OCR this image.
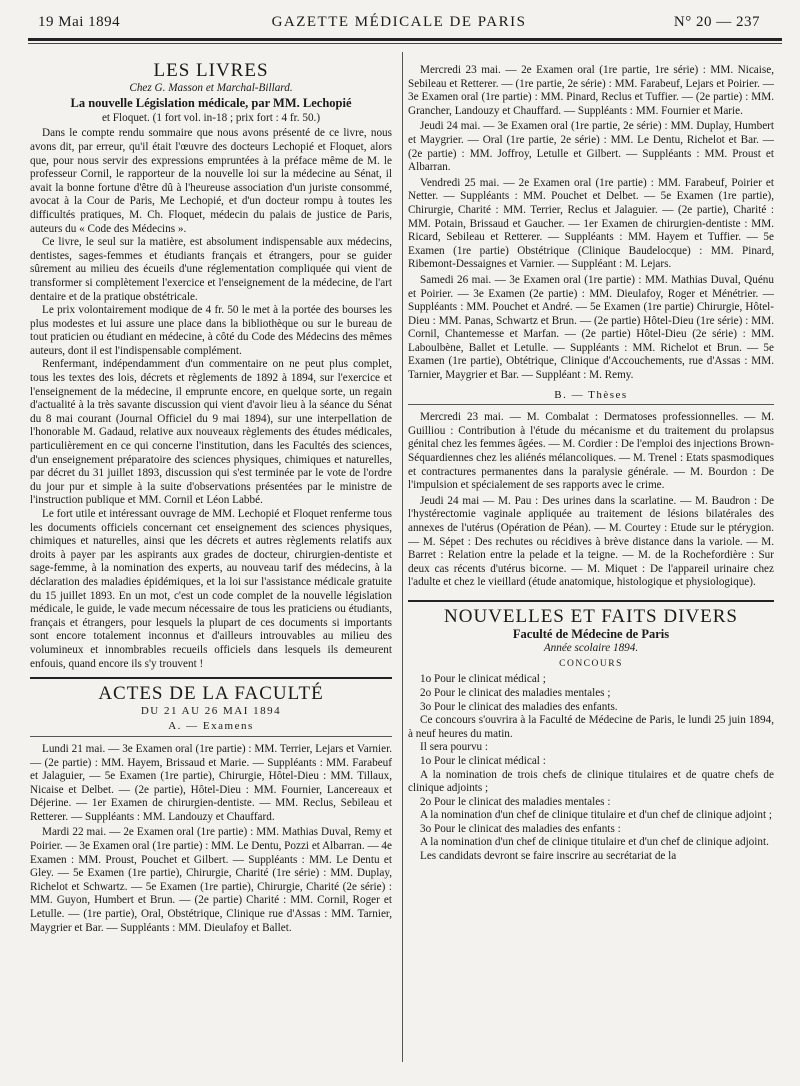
19 Mai 1894	GAZETTE MÉDICALE DE PARIS	N° 20 — 237
LES LIVRES

Chez G. Masson et Marchal-Billard.

La nouvelle Législation médicale, par MM. Lechopié

et Floquet. (1 fort vol. in-18 ; prix fort : 4 fr. 50.)

Dans le compte rendu sommaire que nous avons présenté de ce livre, nous avons dit, par erreur, qu'il était l'œuvre des docteurs Lechopié et Floquet, alors que, pour nous servir des expressions empruntées à la préface même de M. le professeur Cornil, le rapporteur de la nouvelle loi sur la médecine au Sénat, il avait la bonne fortune d'être dû à l'heureuse association d'un juriste consommé, avocat à la Cour de Paris, Me Lechopié, et d'un docteur rompu à toutes les difficultés pratiques, M. Ch. Floquet, médecin du palais de justice de Paris, auteurs du « Code des Médecins ».

Ce livre, le seul sur la matière, est absolument indispensable aux médecins, dentistes, sages-femmes et étudiants français et étrangers, pour se guider sûrement au milieu des écueils d'une réglementation compliquée qui vient de transformer si complètement l'exercice et l'enseignement de la médecine, de l'art dentaire et de la pratique obstétricale.

Le prix volontairement modique de 4 fr. 50 le met à la portée des bourses les plus modestes et lui assure une place dans la bibliothèque ou sur le bureau de tout praticien ou étudiant en médecine, à côté du Code des Médecins des mêmes auteurs, dont il est l'indispensable complément.

Renfermant, indépendamment d'un commentaire on ne peut plus complet, tous les textes des lois, décrets et règlements de 1892 à 1894, sur l'exercice et l'enseignement de la médecine, il emprunte encore, en quelque sorte, un regain d'actualité à la très savante discussion qui vient d'avoir lieu à la séance du Sénat du 8 mai courant (Journal Officiel du 9 mai 1894), sur une interpellation de l'honorable M. Gadaud, relative aux nouveaux règlements des études médicales, particulièrement en ce qui concerne l'institution, dans les Facultés des sciences, d'un enseignement préparatoire des sciences physiques, chimiques et naturelles, par décret du 31 juillet 1893, discussion qui s'est terminée par le vote de l'ordre du jour pur et simple à la suite d'observations présentées par le ministre de l'instruction publique et MM. Cornil et Léon Labbé.

Le fort utile et intéressant ouvrage de MM. Lechopié et Floquet renferme tous les documents officiels concernant cet enseignement des sciences physiques, chimiques et naturelles, ainsi que les décrets et autres règlements relatifs aux droits à payer par les aspirants aux grades de docteur, chirurgien-dentiste et sage-femme, à la nomination des experts, au nouveau tarif des médecins, à la déclaration des maladies épidémiques, et la loi sur l'assistance médicale gratuite du 15 juillet 1893. En un mot, c'est un code complet de la nouvelle législation médicale, le guide, le vade mecum nécessaire de tous les praticiens ou étudiants, français et étrangers, pour lesquels la plupart de ces documents si importants sont encore totalement inconnus et d'ailleurs introuvables au milieu des volumineux et innombrables recueils officiels dans lesquels ils demeurent enfouis, quand encore ils s'y trouvent !

ACTES DE LA FACULTÉ

DU 21 AU 26 MAI 1894

A. — Examens

Lundi 21 mai. — 3e Examen oral (1re partie) : MM. Terrier, Lejars et Varnier. — (2e partie) : MM. Hayem, Brissaud et Marie. — Suppléants : MM. Farabeuf et Jalaguier, — 5e Examen (1re partie), Chirurgie, Hôtel-Dieu : MM. Tillaux, Nicaise et Delbet. — (2e partie), Hôtel-Dieu : MM. Fournier, Lancereaux et Déjerine. — 1er Examen de chirurgien-dentiste. — MM. Reclus, Sebileau et Retterer. — Suppléants : MM. Landouzy et Chauffard.

Mardi 22 mai. — 2e Examen oral (1re partie) : MM. Mathias Duval, Remy et Poirier. — 3e Examen oral (1re partie) : MM. Le Dentu, Pozzi et Albarran. — 4e Examen : MM. Proust, Pouchet et Gilbert. — Suppléants : MM. Le Dentu et Gley. — 5e Examen (1re partie), Chirurgie, Charité (1re série) : MM. Duplay, Richelot et Schwartz. — 5e Examen (1re partie), Chirurgie, Charité (2e série) : MM. Guyon, Humbert et Brun. — (2e partie) Charité : MM. Cornil, Roger et Letulle. — (1re partie), Oral, Obstétrique, Clinique rue d'Assas : MM. Tarnier, Maygrier et Bar. — Suppléants : MM. Dieulafoy et Ballet.

Mercredi 23 mai. — 2e Examen oral (1re partie, 1re série) : MM. Nicaise, Sebileau et Retterer. — (1re partie, 2e série) : MM. Farabeuf, Lejars et Poirier. — 3e Examen oral (1re partie) : MM. Pinard, Reclus et Tuffier. — (2e partie) : MM. Grancher, Landouzy et Chauffard. — Suppléants : MM. Fournier et Marie.

Jeudi 24 mai. — 3e Examen oral (1re partie, 2e série) : MM. Duplay, Humbert et Maygrier. — Oral (1re partie, 2e série) : MM. Le Dentu, Richelot et Bar. — (2e partie) : MM. Joffroy, Letulle et Gilbert. — Suppléants : MM. Proust et Albarran.

Vendredi 25 mai. — 2e Examen oral (1re partie) : MM. Farabeuf, Poirier et Netter. — Suppléants : MM. Pouchet et Delbet. — 5e Examen (1re partie), Chirurgie, Charité : MM. Terrier, Reclus et Jalaguier. — (2e partie), Charité : MM. Potain, Brissaud et Gaucher. — 1er Examen de chirurgien-dentiste : MM. Ricard, Sebileau et Retterer. — Suppléants : MM. Hayem et Tuffier. — 5e Examen (1re partie) Obstétrique (Clinique Baudelocque) : MM. Pinard, Ribemont-Dessaignes et Varnier. — Suppléant : M. Lejars.

Samedi 26 mai. — 3e Examen oral (1re partie) : MM. Mathias Duval, Quénu et Poirier. — 3e Examen (2e partie) : MM. Dieulafoy, Roger et Ménétrier. — Suppléants : MM. Pouchet et André. — 5e Examen (1re partie) Chirurgie, Hôtel-Dieu : MM. Panas, Schwartz et Brun. — (2e partie) Hôtel-Dieu (1re série) : MM. Cornil, Chantemesse et Marfan. — (2e partie) Hôtel-Dieu (2e série) : MM. Laboulbène, Ballet et Letulle. — Suppléants : MM. Richelot et Brun. — 5e Examen (1re partie), Obtétrique, Clinique d'Accouchements, rue d'Assas : MM. Tarnier, Maygrier et Bar. — Suppléant : M. Remy.

B. — Thèses

Mercredi 23 mai. — M. Combalat : Dermatoses professionnelles. — M. Guilliou : Contribution à l'étude du mécanisme et du traitement du prolapsus génital chez les femmes âgées. — M. Cordier : De l'emploi des injections Brown-Séquardiennes chez les aliénés mélancoliques. — M. Trenel : Etats spasmodiques et contractures permanentes dans la paralysie générale. — M. Bourdon : De l'impulsion et spécialement de ses rapports avec le crime.

Jeudi 24 mai — M. Pau : Des urines dans la scarlatine. — M. Baudron : De l'hystérectomie vaginale appliquée au traitement de lésions bilatérales des annexes de l'utérus (Opération de Péan). — M. Courtey : Etude sur le ptérygion. — M. Sépet : Des rechutes ou récidives à brève distance dans la variole. — M. Barret : Relation entre la pelade et la teigne. — M. de la Rochefordière : Sur deux cas récents d'utérus bicorne. — M. Miquet : De l'appareil urinaire chez l'adulte et chez le vieillard (étude anatomique, histologique et physiologique).

NOUVELLES ET FAITS DIVERS

Faculté de Médecine de Paris

Année scolaire 1894.

CONCOURS

1o Pour le clinicat médical ;

2o Pour le clinicat des maladies mentales ;

3o Pour le clinicat des maladies des enfants.

Ce concours s'ouvrira à la Faculté de Médecine de Paris, le lundi 25 juin 1894, à neuf heures du matin.

Il sera pourvu :

1o Pour le clinicat médical :

A la nomination de trois chefs de clinique titulaires et de quatre chefs de clinique adjoints ;

2o Pour le clinicat des maladies mentales :

A la nomination d'un chef de clinique titulaire et d'un chef de clinique adjoint ;

3o Pour le clinicat des maladies des enfants :

A la nomination d'un chef de clinique titulaire et d'un chef de clinique adjoint.

Les candidats devront se faire inscrire au secrétariat de la
